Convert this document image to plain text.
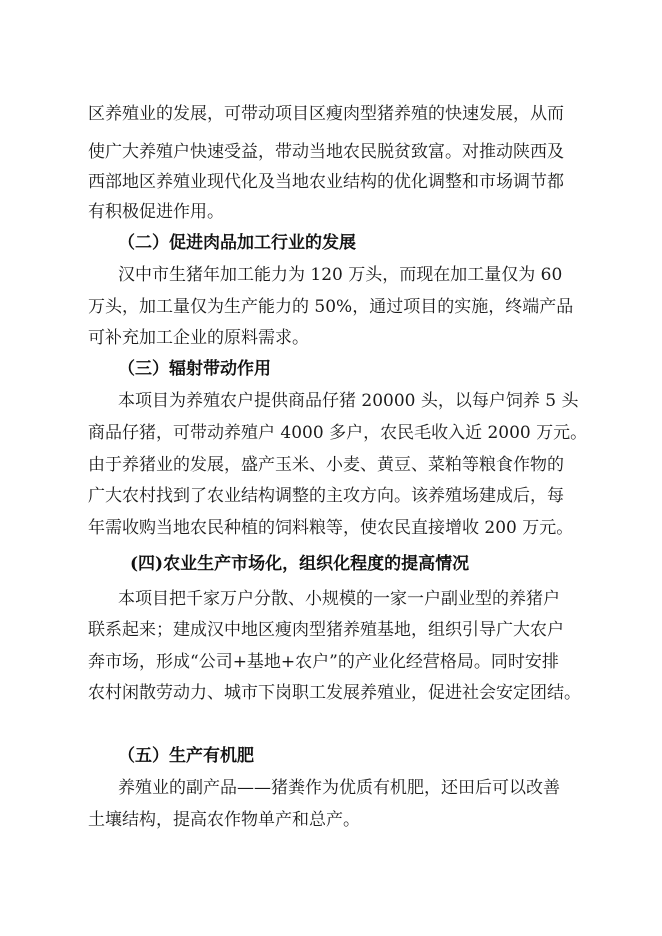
区养殖业的发展，可带动项目区瘦肉型猪养殖的快速发展，从而
使广大养殖户快速受益，带动当地农民脱贫致富。对推动陕西及
西部地区养殖业现代化及当地农业结构的优化调整和市场调节都
有积极促进作用。
（二）促进肉品加工行业的发展
汉中市生猪年加工能力为 120 万头，而现在加工量仅为 60
万头，加工量仅为生产能力的 50%，通过项目的实施，终端产品
可补充加工企业的原料需求。
（三）辐射带动作用
本项目为养殖农户提供商品仔猪 20000 头，以每户饲养 5 头
商品仔猪，可带动养殖户 4000 多户，农民毛收入近 2000 万元。
由于养猪业的发展，盛产玉米、小麦、黄豆、菜粕等粮食作物的
广大农村找到了农业结构调整的主攻方向。该养殖场建成后，每
年需收购当地农民种植的饲料粮等，使农民直接增收 200 万元。
(四)农业生产市场化，组织化程度的提高情况
本项目把千家万户分散、小规模的一家一户副业型的养猪户
联系起来；建成汉中地区瘦肉型猪养殖基地，组织引导广大农户
奔市场，形成“公司+基地+农户”的产业化经营格局。同时安排
农村闲散劳动力、城市下岗职工发展养殖业，促进社会安定团结。
（五）生产有机肥
养殖业的副产品——猪粪作为优质有机肥，还田后可以改善
土壤结构，提高农作物单产和总产。
